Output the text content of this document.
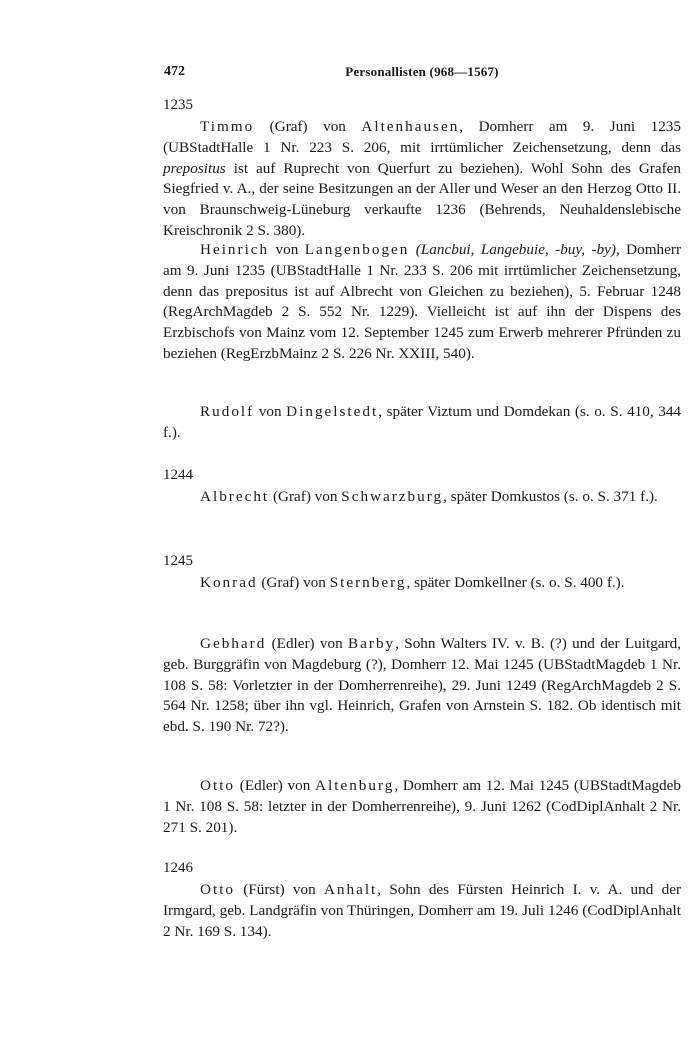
472	Personallisten (968—1567)
1235

Timmo (Graf) von Altenhausen, Domherr am 9. Juni 1235 (UBStadtHalle 1 Nr. 223 S. 206, mit irrtümlicher Zeichensetzung, denn das prepositus ist auf Ruprecht von Querfurt zu beziehen). Wohl Sohn des Grafen Siegfried v. A., der seine Besitzungen an der Aller und Weser an den Herzog Otto II. von Braunschweig-Lüneburg verkaufte 1236 (Behrends, Neuhaldenslebische Kreischronik 2 S. 380).

Heinrich von Langenbogen (Lancbui, Langebuie, -buy, -by), Domherr am 9. Juni 1235 (UBStadtHalle 1 Nr. 233 S. 206 mit irrtümlicher Zeichensetzung, denn das prepositus ist auf Albrecht von Gleichen zu beziehen), 5. Februar 1248 (RegArchMagdeb 2 S. 552 Nr. 1229). Vielleicht ist auf ihn der Dispens des Erzbischofs von Mainz vom 12. September 1245 zum Erwerb mehrerer Pfründen zu beziehen (RegErzbMainz 2 S. 226 Nr. XXIII, 540).

Rudolf von Dingelstedt, später Viztum und Domdekan (s. o. S. 410, 344 f.).

1244

Albrecht (Graf) von Schwarzburg, später Domkustos (s. o. S. 371 f.).

1245

Konrad (Graf) von Sternberg, später Domkellner (s. o. S. 400 f.).

Gebhard (Edler) von Barby, Sohn Walters IV. v. B. (?) und der Luitgard, geb. Burggräfin von Magdeburg (?), Domherr 12. Mai 1245 (UBStadtMagdeb 1 Nr. 108 S. 58: Vorletzter in der Domherrenreihe), 29. Juni 1249 (RegArchMagdeb 2 S. 564 Nr. 1258; über ihn vgl. Heinrich, Grafen von Arnstein S. 182. Ob identisch mit ebd. S. 190 Nr. 72?).

Otto (Edler) von Altenburg, Domherr am 12. Mai 1245 (UBStadtMagdeb 1 Nr. 108 S. 58: letzter in der Domherrenreihe), 9. Juni 1262 (CodDiplAnhalt 2 Nr. 271 S. 201).

1246

Otto (Fürst) von Anhalt, Sohn des Fürsten Heinrich I. v. A. und der Irmgard, geb. Landgräfin von Thüringen, Domherr am 19. Juli 1246 (CodDiplAnhalt 2 Nr. 169 S. 134).
